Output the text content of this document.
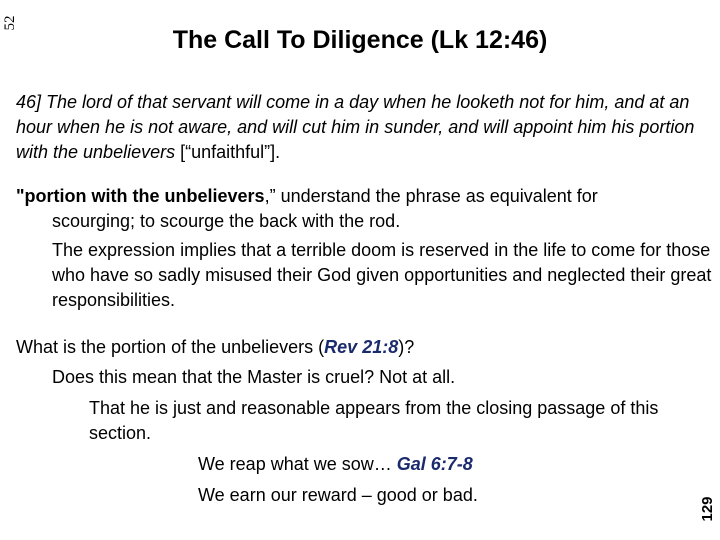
52
The Call To Diligence (Lk 12:46)
46] The lord of that servant will come in a day when he looketh not for him, and at an hour when he is not aware, and will cut him in sunder, and will appoint him his portion with the unbelievers [“unfaithful”].
"portion with the unbelievers,” understand the phrase as equivalent for
scourging; to scourge the back with the rod.
The expression implies that a terrible doom is reserved in the life to come for those who have so sadly misused their God given opportunities and neglected their great responsibilities.
What is the portion of the unbelievers (Rev 21:8)?
Does this mean that the Master is cruel? Not at all.
That he is just and reasonable appears from the closing passage of this section.
We reap what we sow… Gal 6:7-8
We earn our reward – good or bad.
129
